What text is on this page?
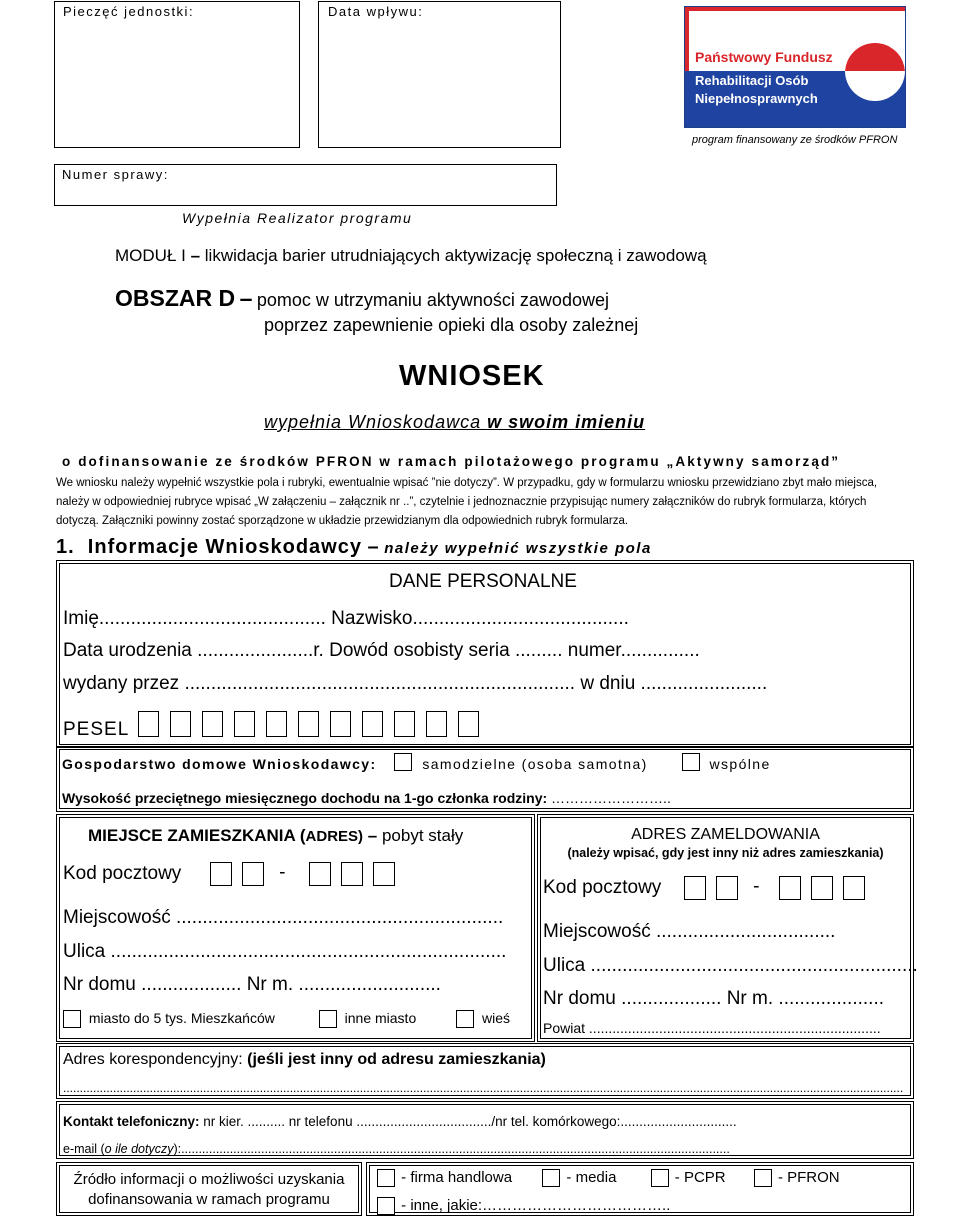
Pieczęć jednostki:	Data wpływu:
Państwowy Fundusz
Rehabilitacji Osób
Niepełnosprawnych
program finansowany ze środków PFRON
Numer sprawy:
Wypełnia Realizator programu
MODUŁ I – likwidacja barier utrudniających aktywizację społeczną i zawodową
OBSZAR D – pomoc w utrzymaniu aktywności zawodowej
poprzez zapewnienie opieki dla osoby zależnej
WNIOSEK
wypełnia Wnioskodawca w swoim imieniu
o dofinansowanie ze środków PFRON w ramach pilotażowego programu „Aktywny samorząd”
We wniosku należy wypełnić wszystkie pola i rubryki, ewentualnie wpisać ”nie dotyczy”. W przypadku, gdy w formularzu wniosku przewidziano zbyt mało miejsca, należy w odpowiedniej rubryce wpisać „W załączeniu – załącznik nr ..”, czytelnie i jednoznacznie przypisując numery załączników do rubryk formularza, których dotyczą. Załączniki powinny zostać sporządzone w układzie przewidzianym dla odpowiednich rubryk formularza.
1.  Informacje Wnioskodawcy – należy wypełnić wszystkie pola
DANE PERSONALNE
Imię........................................... Nazwisko.........................................
Data urodzenia ......................r. Dowód osobisty seria ......... numer...............
wydany przez .......................................................................... w dniu ........................
PESEL
Gospodarstwo domowe Wnioskodawcy:	samodzielne (osoba samotna)	wspólne
Wysokość przeciętnego miesięcznego dochodu na 1-go członka rodziny: ……………………..
MIEJSCE ZAMIESZKANIA (ADRES) – pobyt stały
Kod pocztowy	-
Miejscowość ..............................................................
Ulica ...........................................................................
Nr domu ................... Nr m. ...........................
miasto do 5 tys. Mieszkańców	inne miasto	wieś
ADRES ZAMELDOWANIA
(należy wpisać, gdy jest inny niż adres zamieszkania)
Kod pocztowy	-
Miejscowość ..................................
Ulica ..............................................................
Nr domu ................... Nr m. ....................
Powiat ...........................................................................
Adres korespondencyjny: (jeśli jest inny od adresu zamieszkania)
............................................................................................................................................................................................................................................................
Kontakt telefoniczny: nr kier. .......... nr telefonu ..................................../nr tel. komórkowego:...............................
e-mail (o ile dotyczy):..............................................................................................................................................................
Źródło informacji o możliwości uzyskania
dofinansowania w ramach programu
- firma handlowa	- media	- PCPR	- PFRON
- inne, jakie:………………………………..
